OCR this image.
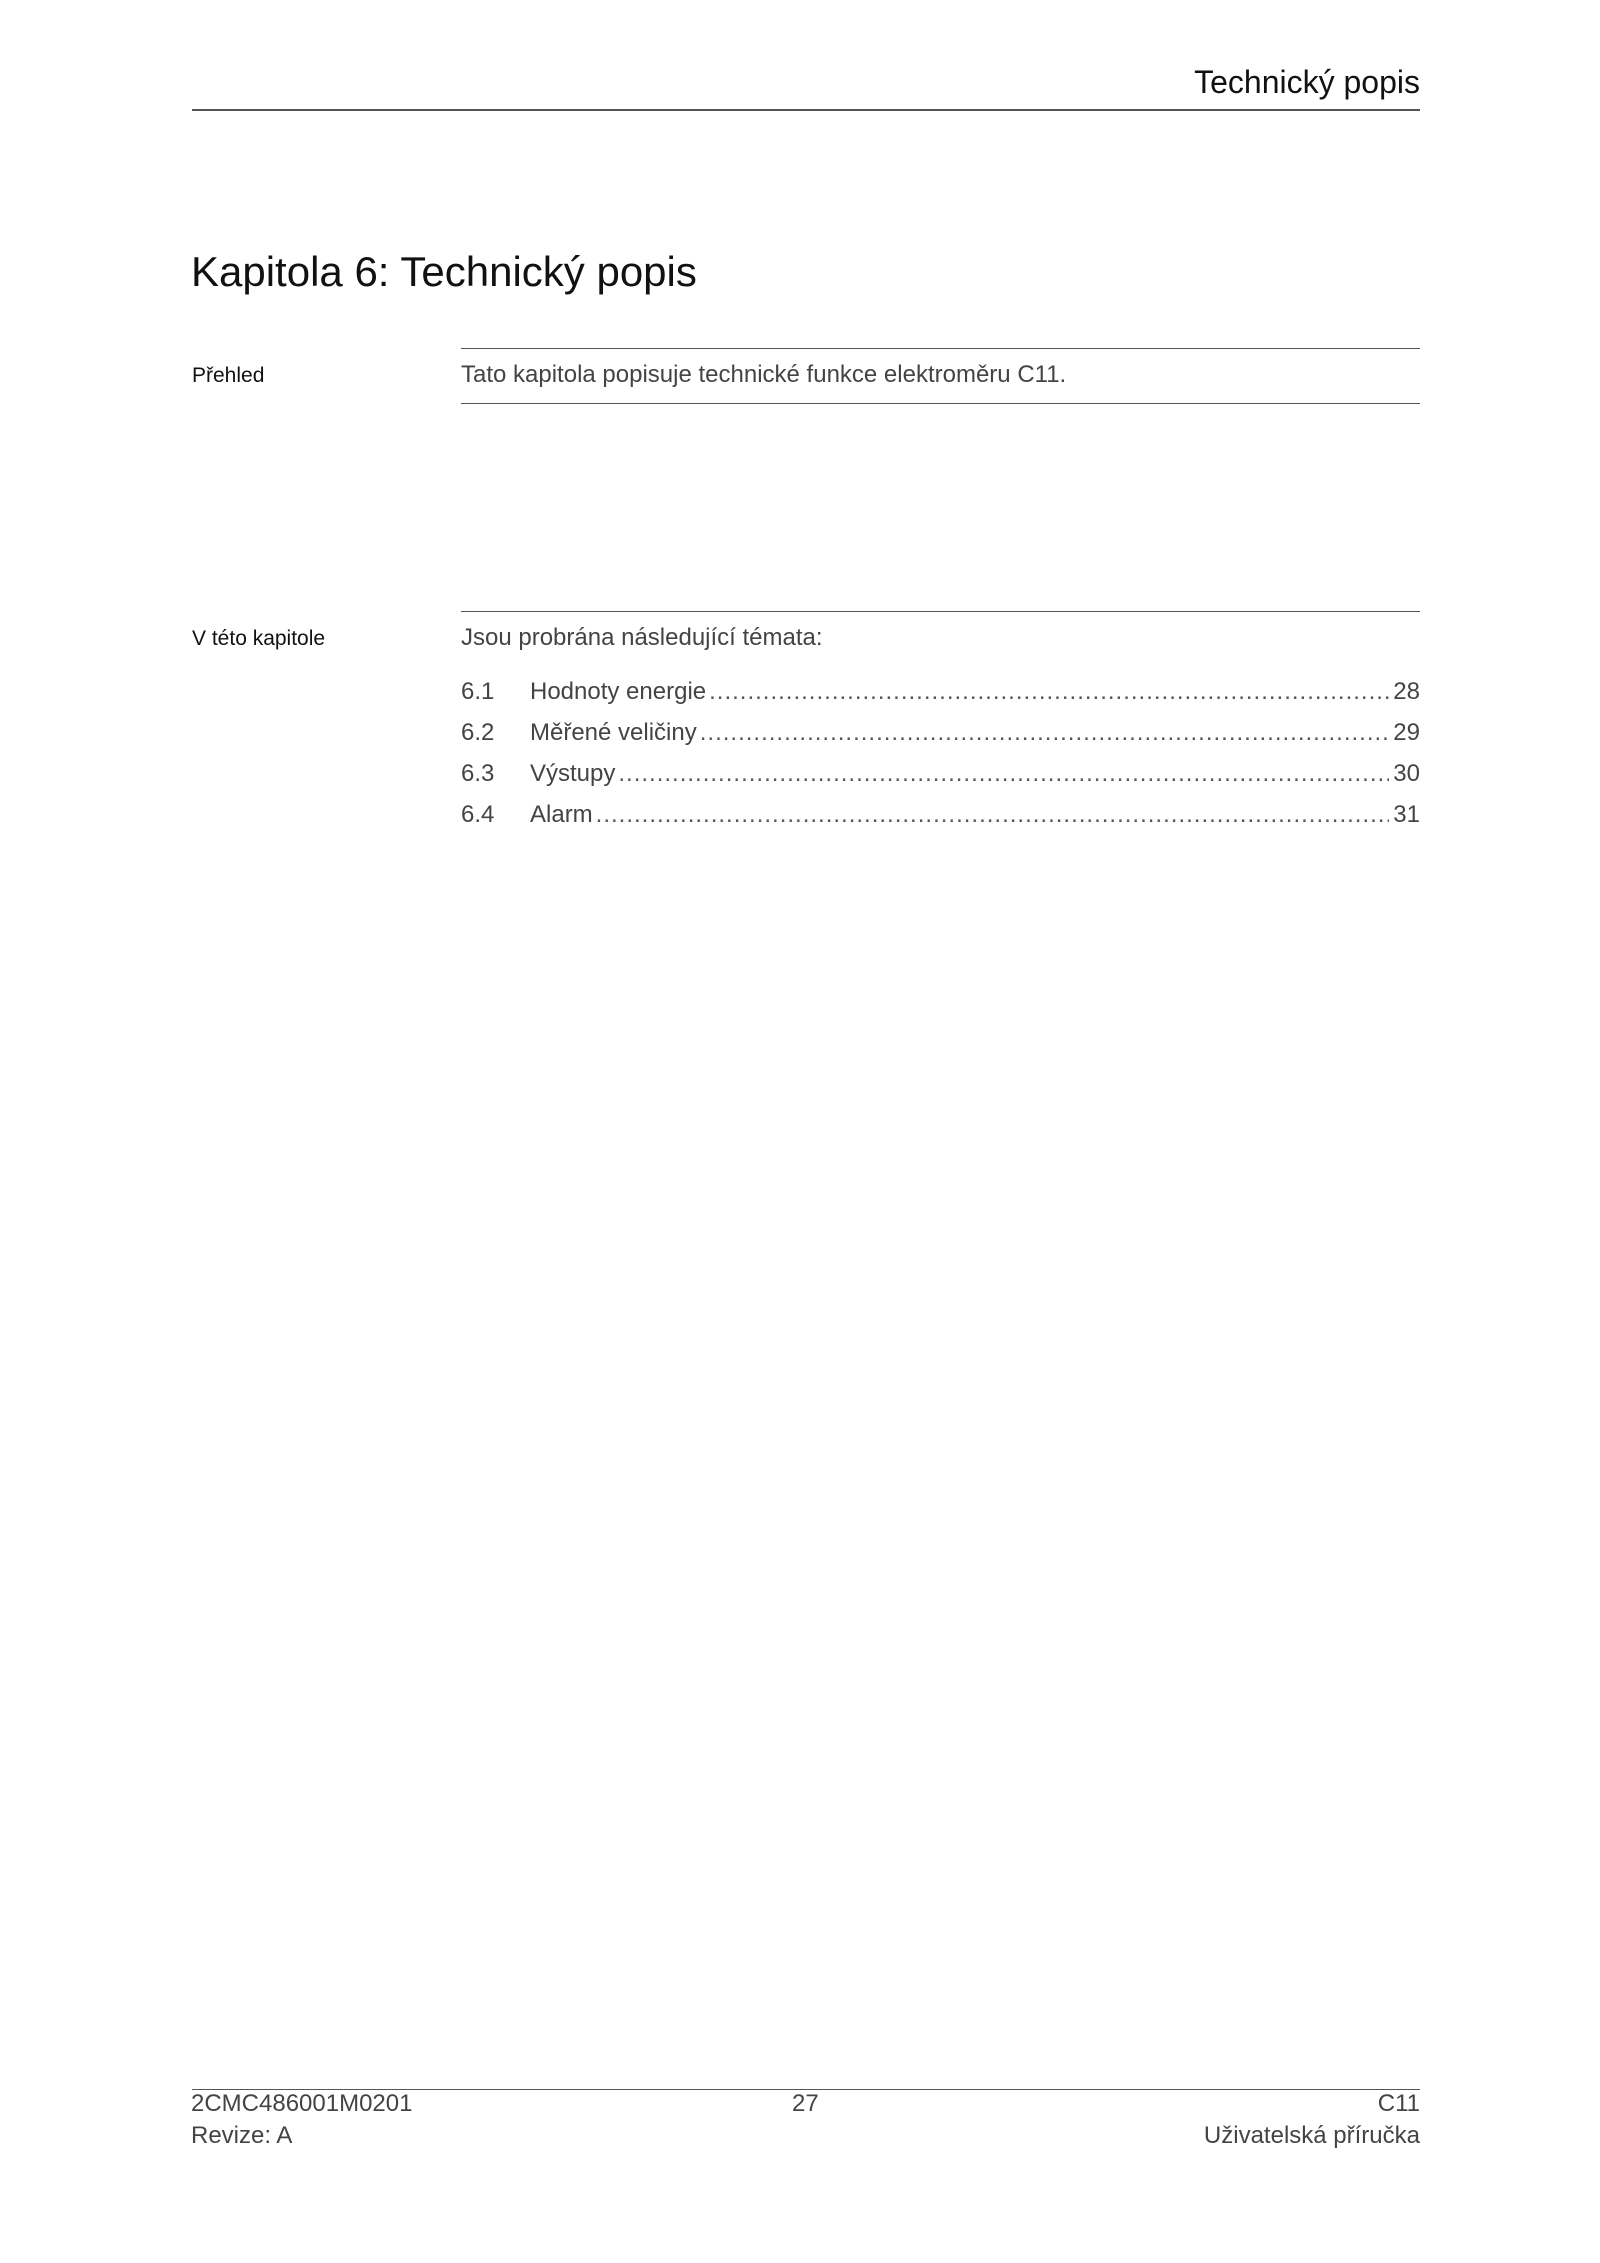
Technický popis
Kapitola 6: Technický popis
Přehled	Tato kapitola popisuje technické funkce elektroměru C11.
V této kapitole	Jsou probrána následující témata:
6.1	Hodnoty energie .....	28
6.2	Měřené veličiny .....	29
6.3	Výstupy .....	30
6.4	Alarm .....	31
2CMC486001M0201
Revize: A
27	C11
Uživatelská příručka
